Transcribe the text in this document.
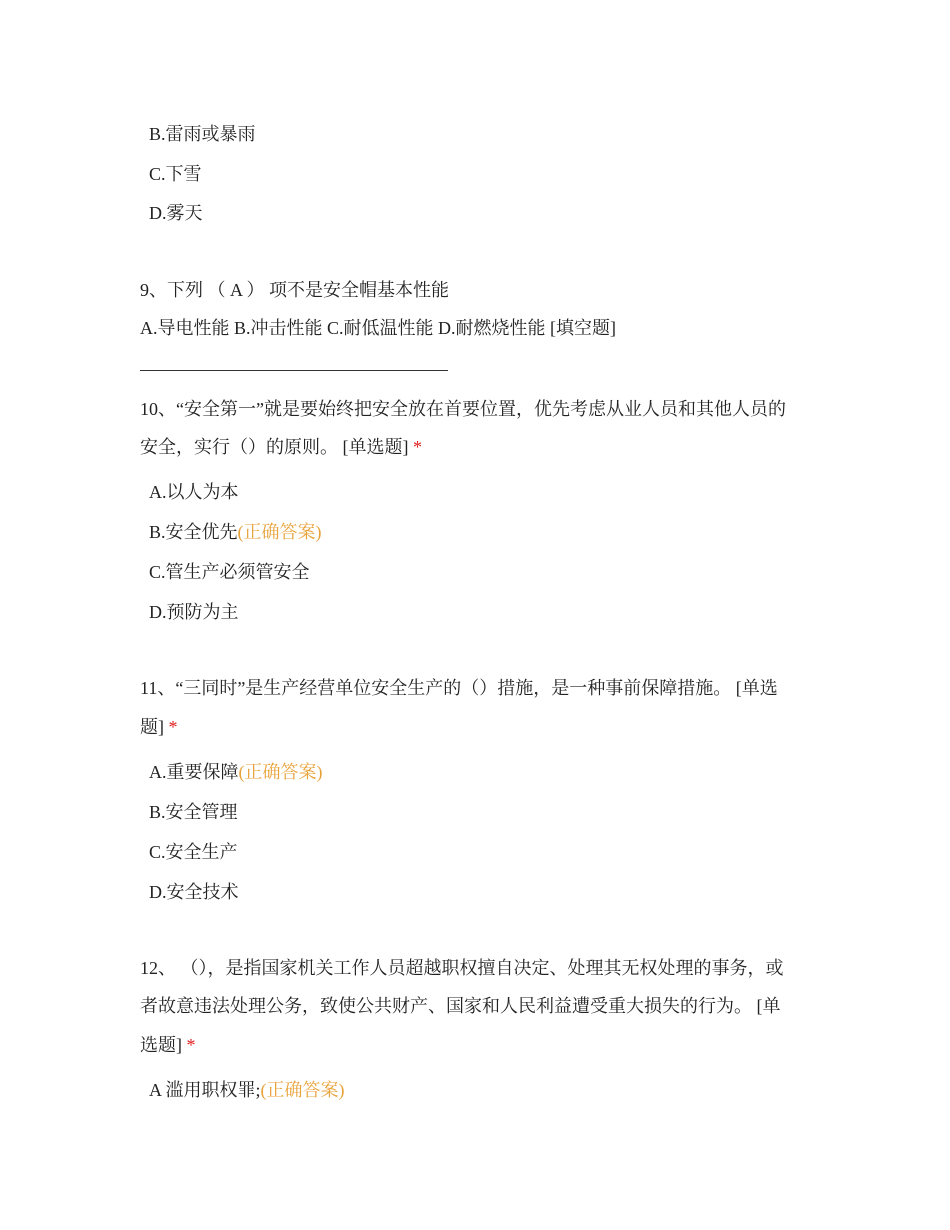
B.雷雨或暴雨
C.下雪
D.雾天
9、下列 （ A ） 项不是安全帽基本性能
A.导电性能 B.冲击性能 C.耐低温性能 D.耐燃烧性能 [填空题]
10、“安全第一”就是要始终把安全放在首要位置，优先考虑从业人员和其他人员的
安全，实行（）的原则。 [单选题] *
A.以人为本
B.安全优先(正确答案)
C.管生产必须管安全
D.预防为主
11、“三同时”是生产经营单位安全生产的（）措施，是一种事前保障措施。 [单选
题] *
A.重要保障(正确答案)
B.安全管理
C.安全生产
D.安全技术
12、 （），是指国家机关工作人员超越职权擅自决定、处理其无权处理的事务，或
者故意违法处理公务，致使公共财产、国家和人民利益遭受重大损失的行为。 [单
选题] *
A 滥用职权罪;(正确答案)
